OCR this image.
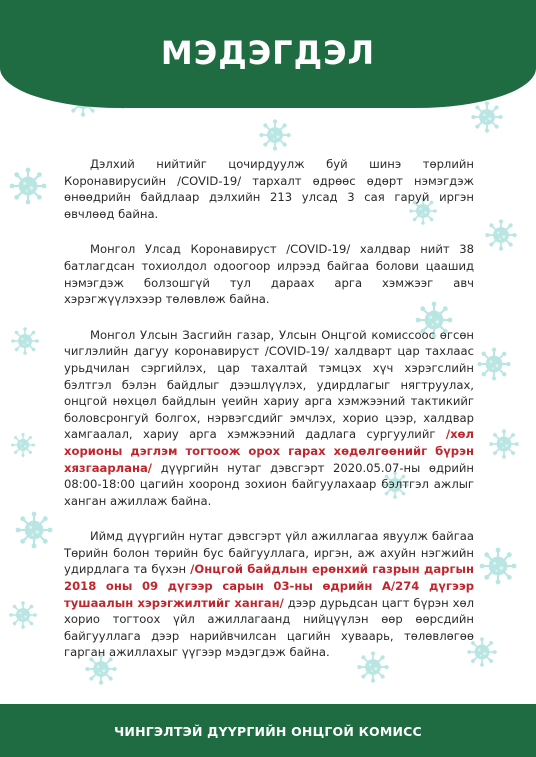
МЭДЭГДЭЛ

Дэлхий нийтийг цочирдуулж буй шинэ төрлийн Коронавирусийн /COVID-19/ тархалт өдрөөс өдөрт нэмэгдэж өнөөдрийн байдлаар дэлхийн 213 улсад 3 сая гаруй иргэн өвчлөөд байна.

Монгол Улсад Коронавируст /COVID-19/ халдвар нийт 38 батлагдсан тохиолдол одоогоор илрээд байгаа болови цаашид нэмэгдэж болзошгүй тул дараах арга хэмжээг авч хэрэгжүүлэхээр төлөвлөж байна.

Монгол Улсын Засгийн газар, Улсын Онцгой комиссоос өгсөн чиглэлийн дагуу коронавируст /COVID-19/ халдварт цар тахлаас урьдчилан сэргийлэх, цар тахалтай тэмцэх хүч хэрэгслийн бэлтгэл бэлэн байдлыг дээшлүүлэх, удирдлагыг нягтруулах, онцгой нөхцөл байдлын үеийн хариу арга хэмжээний тактикийг боловсронгуй болгох, нэрвэгсдийг эмчлэх, хорио цээр, халдвар хамгаалал, хариу арга хэмжээний дадлага сургуулийг /хөл хорионы дэглэм тогтоож орох гарах хөдөлгөөнийг бүрэн хязгаарлана/ дүүргийн нутаг дэвсгэрт 2020.05.07-ны өдрийн 08:00-18:00 цагийн хооронд зохион байгуулахаар бэлтгэл ажлыг ханган ажиллаж байна.

Иймд дүүргийн нутаг дэвсгэрт үйл ажиллагаа явуулж байгаа Төрийн болон төрийн бус байгууллага, иргэн, аж ахуйн нэгжийн удирдлага та бүхэн /Онцгой байдлын ерөнхий газрын даргын 2018 оны 09 дүгээр сарын 03-ны өдрийн А/274 дүгээр тушаалын хэрэгжилтийг ханган/ дээр дурьдсан цагт бүрэн хөл хорио тогтоох үйл ажиллагаанд нийцүүлэн өөр өөрсдийн байгууллага дээр нарийвчилсан цагийн хуваарь, төлөвлөгөө гарган ажиллахыг үүгээр мэдэгдэж байна.

ЧИНГЭЛТЭЙ ДҮҮРГИЙН ОНЦГОЙ КОМИСС
